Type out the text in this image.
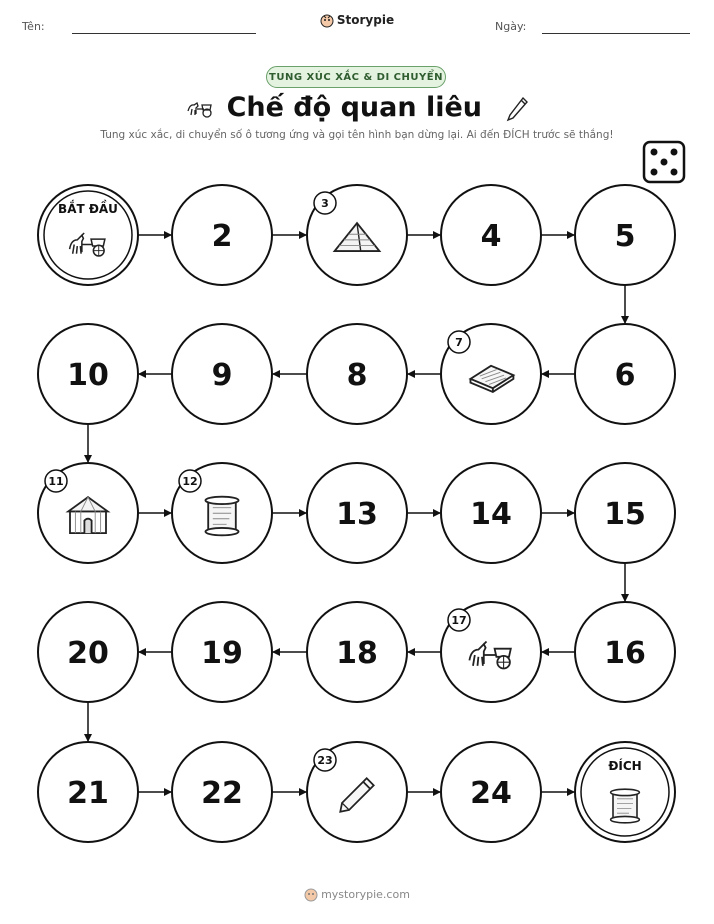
Tên:	Storypie	Ngày:
TUNG XÚC XẮC & DI CHUYỂN
Chế độ quan liêu
Tung xúc xắc, di chuyển số ô tương ứng và gọi tên hình bạn dừng lại. Ai đến ĐÍCH trước sẽ thắng!
BẮT ĐẦU
2
3
4	5
6
7
8
9
10
11	12
13	14	15
16
17
18
19
20
21	22
23
24
ĐÍCH
mystorypie.com
